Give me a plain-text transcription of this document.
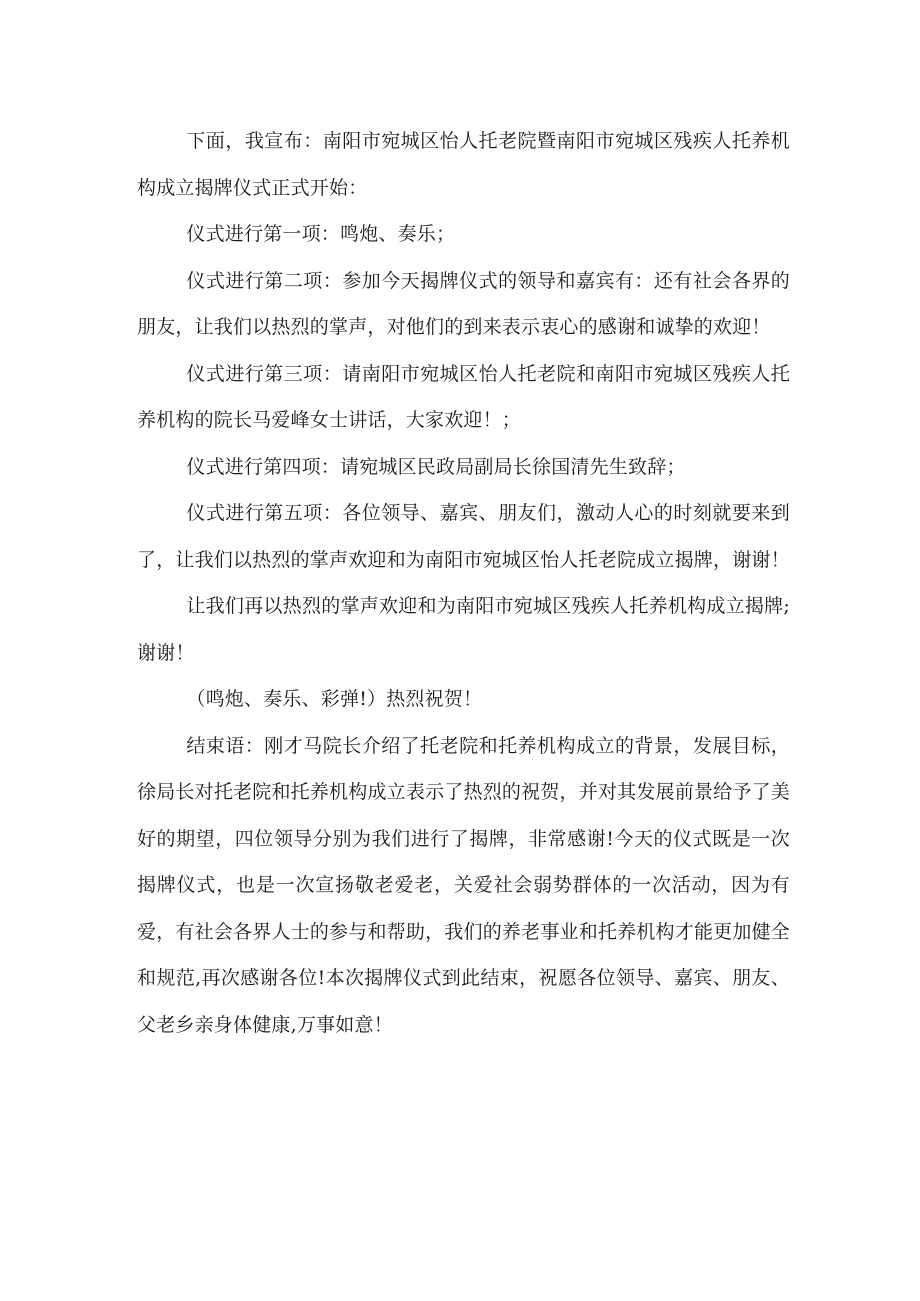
下面，我宣布：南阳市宛城区怡人托老院暨南阳市宛城区残疾人托养机构成立揭牌仪式正式开始：

仪式进行第一项：鸣炮、奏乐；

仪式进行第二项：参加今天揭牌仪式的领导和嘉宾有：还有社会各界的朋友，让我们以热烈的掌声，对他们的到来表示衷心的感谢和诚挚的欢迎！

仪式进行第三项：请南阳市宛城区怡人托老院和南阳市宛城区残疾人托养机构的院长马爱峰女士讲话，大家欢迎！；

仪式进行第四项：请宛城区民政局副局长徐国清先生致辞；

仪式进行第五项：各位领导、嘉宾、朋友们，激动人心的时刻就要来到了，让我们以热烈的掌声欢迎和为南阳市宛城区怡人托老院成立揭牌，谢谢！

让我们再以热烈的掌声欢迎和为南阳市宛城区残疾人托养机构成立揭牌;谢谢！

（鸣炮、奏乐、彩弹!）热烈祝贺！

结束语：刚才马院长介绍了托老院和托养机构成立的背景，发展目标，徐局长对托老院和托养机构成立表示了热烈的祝贺，并对其发展前景给予了美好的期望，四位领导分别为我们进行了揭牌，非常感谢!今天的仪式既是一次揭牌仪式，也是一次宣扬敬老爱老，关爱社会弱势群体的一次活动，因为有爱，有社会各界人士的参与和帮助，我们的养老事业和托养机构才能更加健全和规范,再次感谢各位!本次揭牌仪式到此结束，祝愿各位领导、嘉宾、朋友、父老乡亲身体健康,万事如意！
